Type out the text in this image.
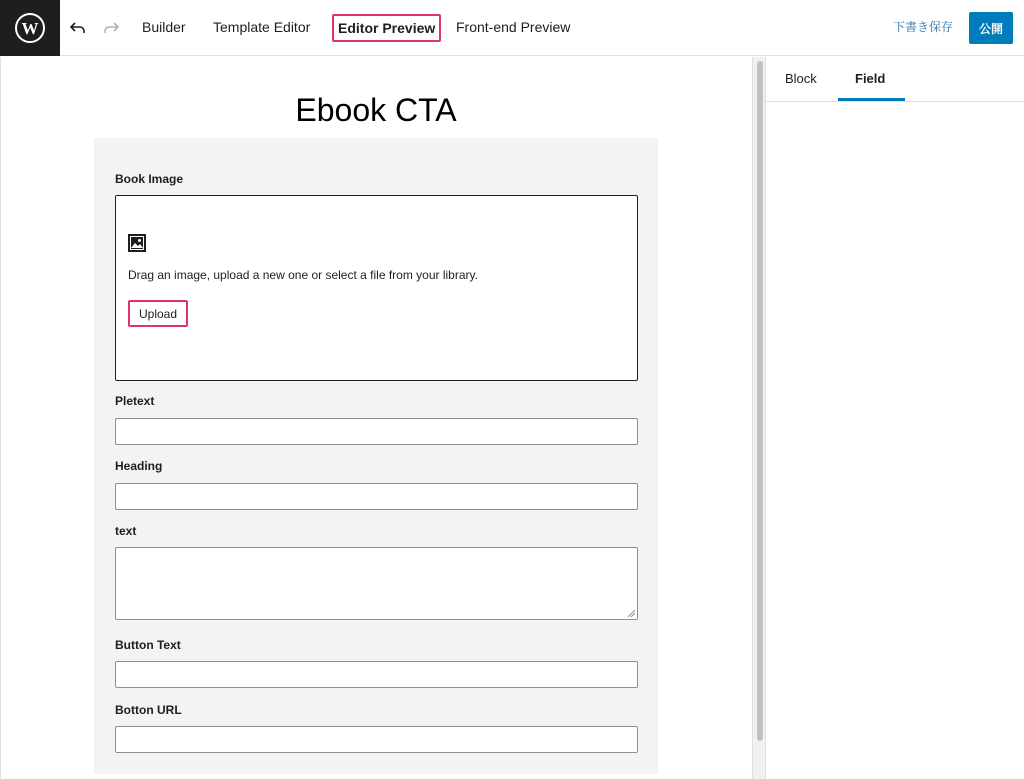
W	Builder Template Editor	Editor Preview	Front-end Preview	下書き保存	公開
Ebook CTA
Book Image
Drag an image, upload a new one or select a file from your library.
Upload
Pletext
Heading
text
Button Text
Botton URL
Block	Field
